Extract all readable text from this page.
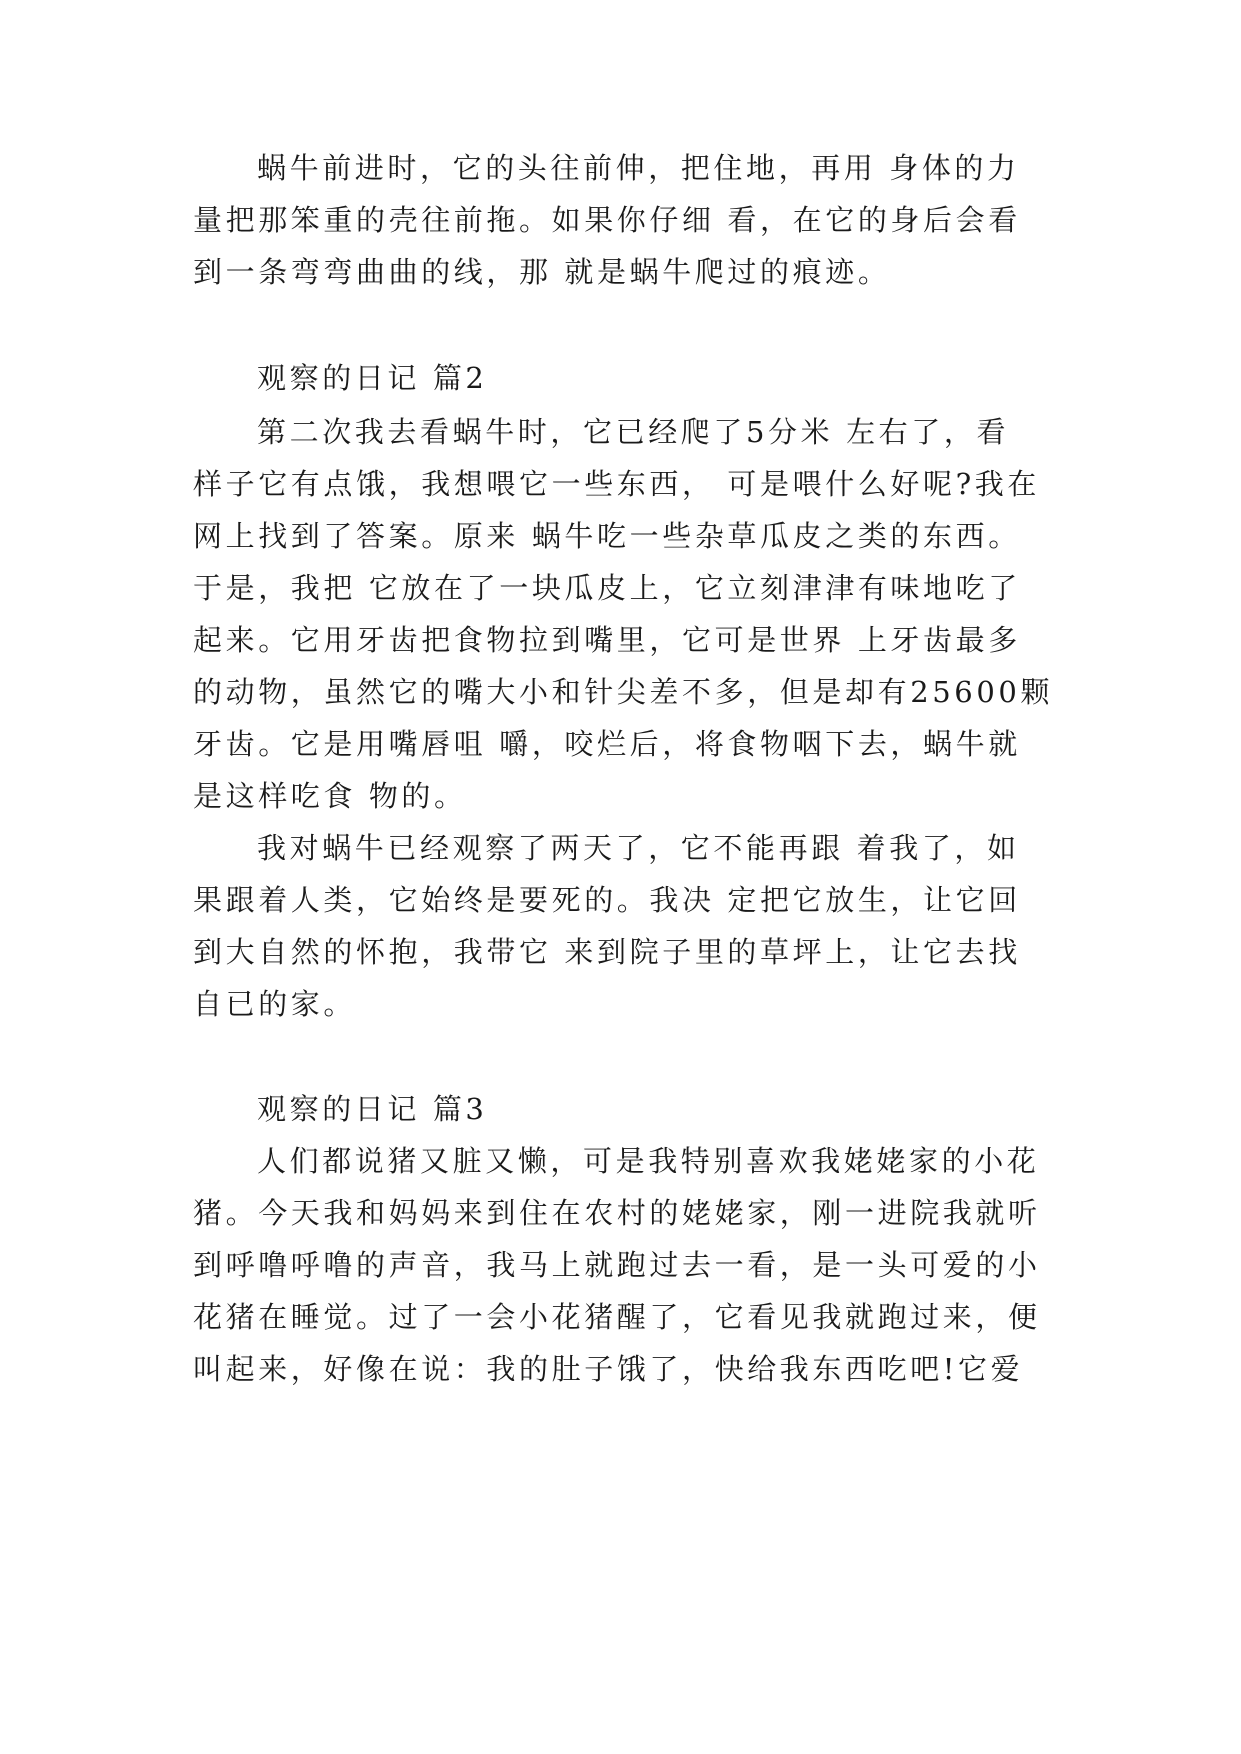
蜗牛前进时，它的头往前伸，把住地，再用 身体的力

量把那笨重的壳往前拖。如果你仔细 看，在它的身后会看

到一条弯弯曲曲的线，那 就是蜗牛爬过的痕迹。

观察的日记 篇2

第二次我去看蜗牛时，它已经爬了5分米 左右了，看

样子它有点饿，我想喂它一些东西， 可是喂什么好呢?我在

网上找到了答案。原来 蜗牛吃一些杂草瓜皮之类的东西。

于是，我把 它放在了一块瓜皮上，它立刻津津有味地吃了

起来。它用牙齿把食物拉到嘴里，它可是世界 上牙齿最多

的动物，虽然它的嘴大小和针尖差不多，但是却有25600颗

牙齿。它是用嘴唇咀 嚼，咬烂后，将食物咽下去，蜗牛就

是这样吃食 物的。

我对蜗牛已经观察了两天了，它不能再跟 着我了，如

果跟着人类，它始终是要死的。我决 定把它放生，让它回

到大自然的怀抱，我带它 来到院子里的草坪上，让它去找

自已的家。

观察的日记 篇3

人们都说猪又脏又懒，可是我特别喜欢我姥姥家的小花

猪。今天我和妈妈来到住在农村的姥姥家，刚一进院我就听

到呼噜呼噜的声音，我马上就跑过去一看，是一头可爱的小

花猪在睡觉。过了一会小花猪醒了，它看见我就跑过来，便

叫起来，好像在说：我的肚子饿了，快给我东西吃吧!它爱
